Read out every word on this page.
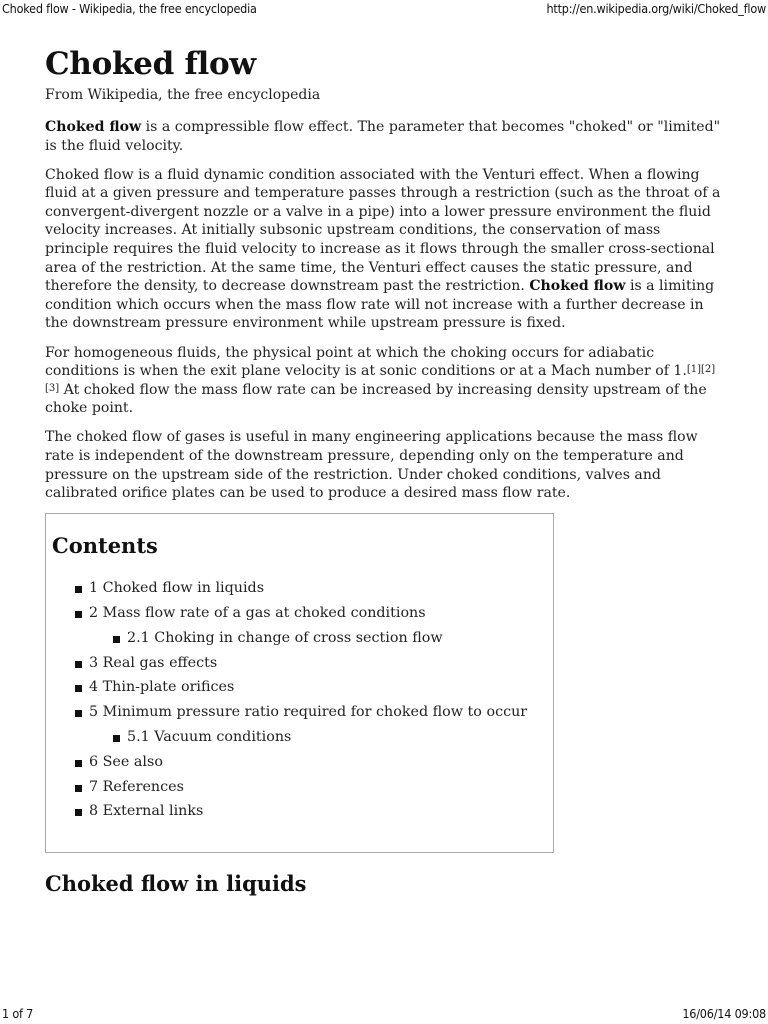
Choked flow - Wikipedia, the free encyclopedia	http://en.wikipedia.org/wiki/Choked_flow
Choked flow
From Wikipedia, the free encyclopedia

Choked flow is a compressible flow effect. The parameter that becomes "choked" or "limited" is the fluid velocity.

Choked flow is a fluid dynamic condition associated with the Venturi effect. When a flowing fluid at a given pressure and temperature passes through a restriction (such as the throat of a convergent-divergent nozzle or a valve in a pipe) into a lower pressure environment the fluid velocity increases. At initially subsonic upstream conditions, the conservation of mass principle requires the fluid velocity to increase as it flows through the smaller cross-sectional area of the restriction. At the same time, the Venturi effect causes the static pressure, and therefore the density, to decrease downstream past the restriction. Choked flow is a limiting condition which occurs when the mass flow rate will not increase with a further decrease in the downstream pressure environment while upstream pressure is fixed.

For homogeneous fluids, the physical point at which the choking occurs for adiabatic conditions is when the exit plane velocity is at sonic conditions or at a Mach number of 1.[1][2][3] At choked flow the mass flow rate can be increased by increasing density upstream of the choke point.

The choked flow of gases is useful in many engineering applications because the mass flow rate is independent of the downstream pressure, depending only on the temperature and pressure on the upstream side of the restriction. Under choked conditions, valves and calibrated orifice plates can be used to produce a desired mass flow rate.

Contents
1 Choked flow in liquids
2 Mass flow rate of a gas at choked conditions
2.1 Choking in change of cross section flow
3 Real gas effects
4 Thin-plate orifices
5 Minimum pressure ratio required for choked flow to occur
5.1 Vacuum conditions
6 See also
7 References
8 External links
Choked flow in liquids
1 of 7	16/06/14 09:08
